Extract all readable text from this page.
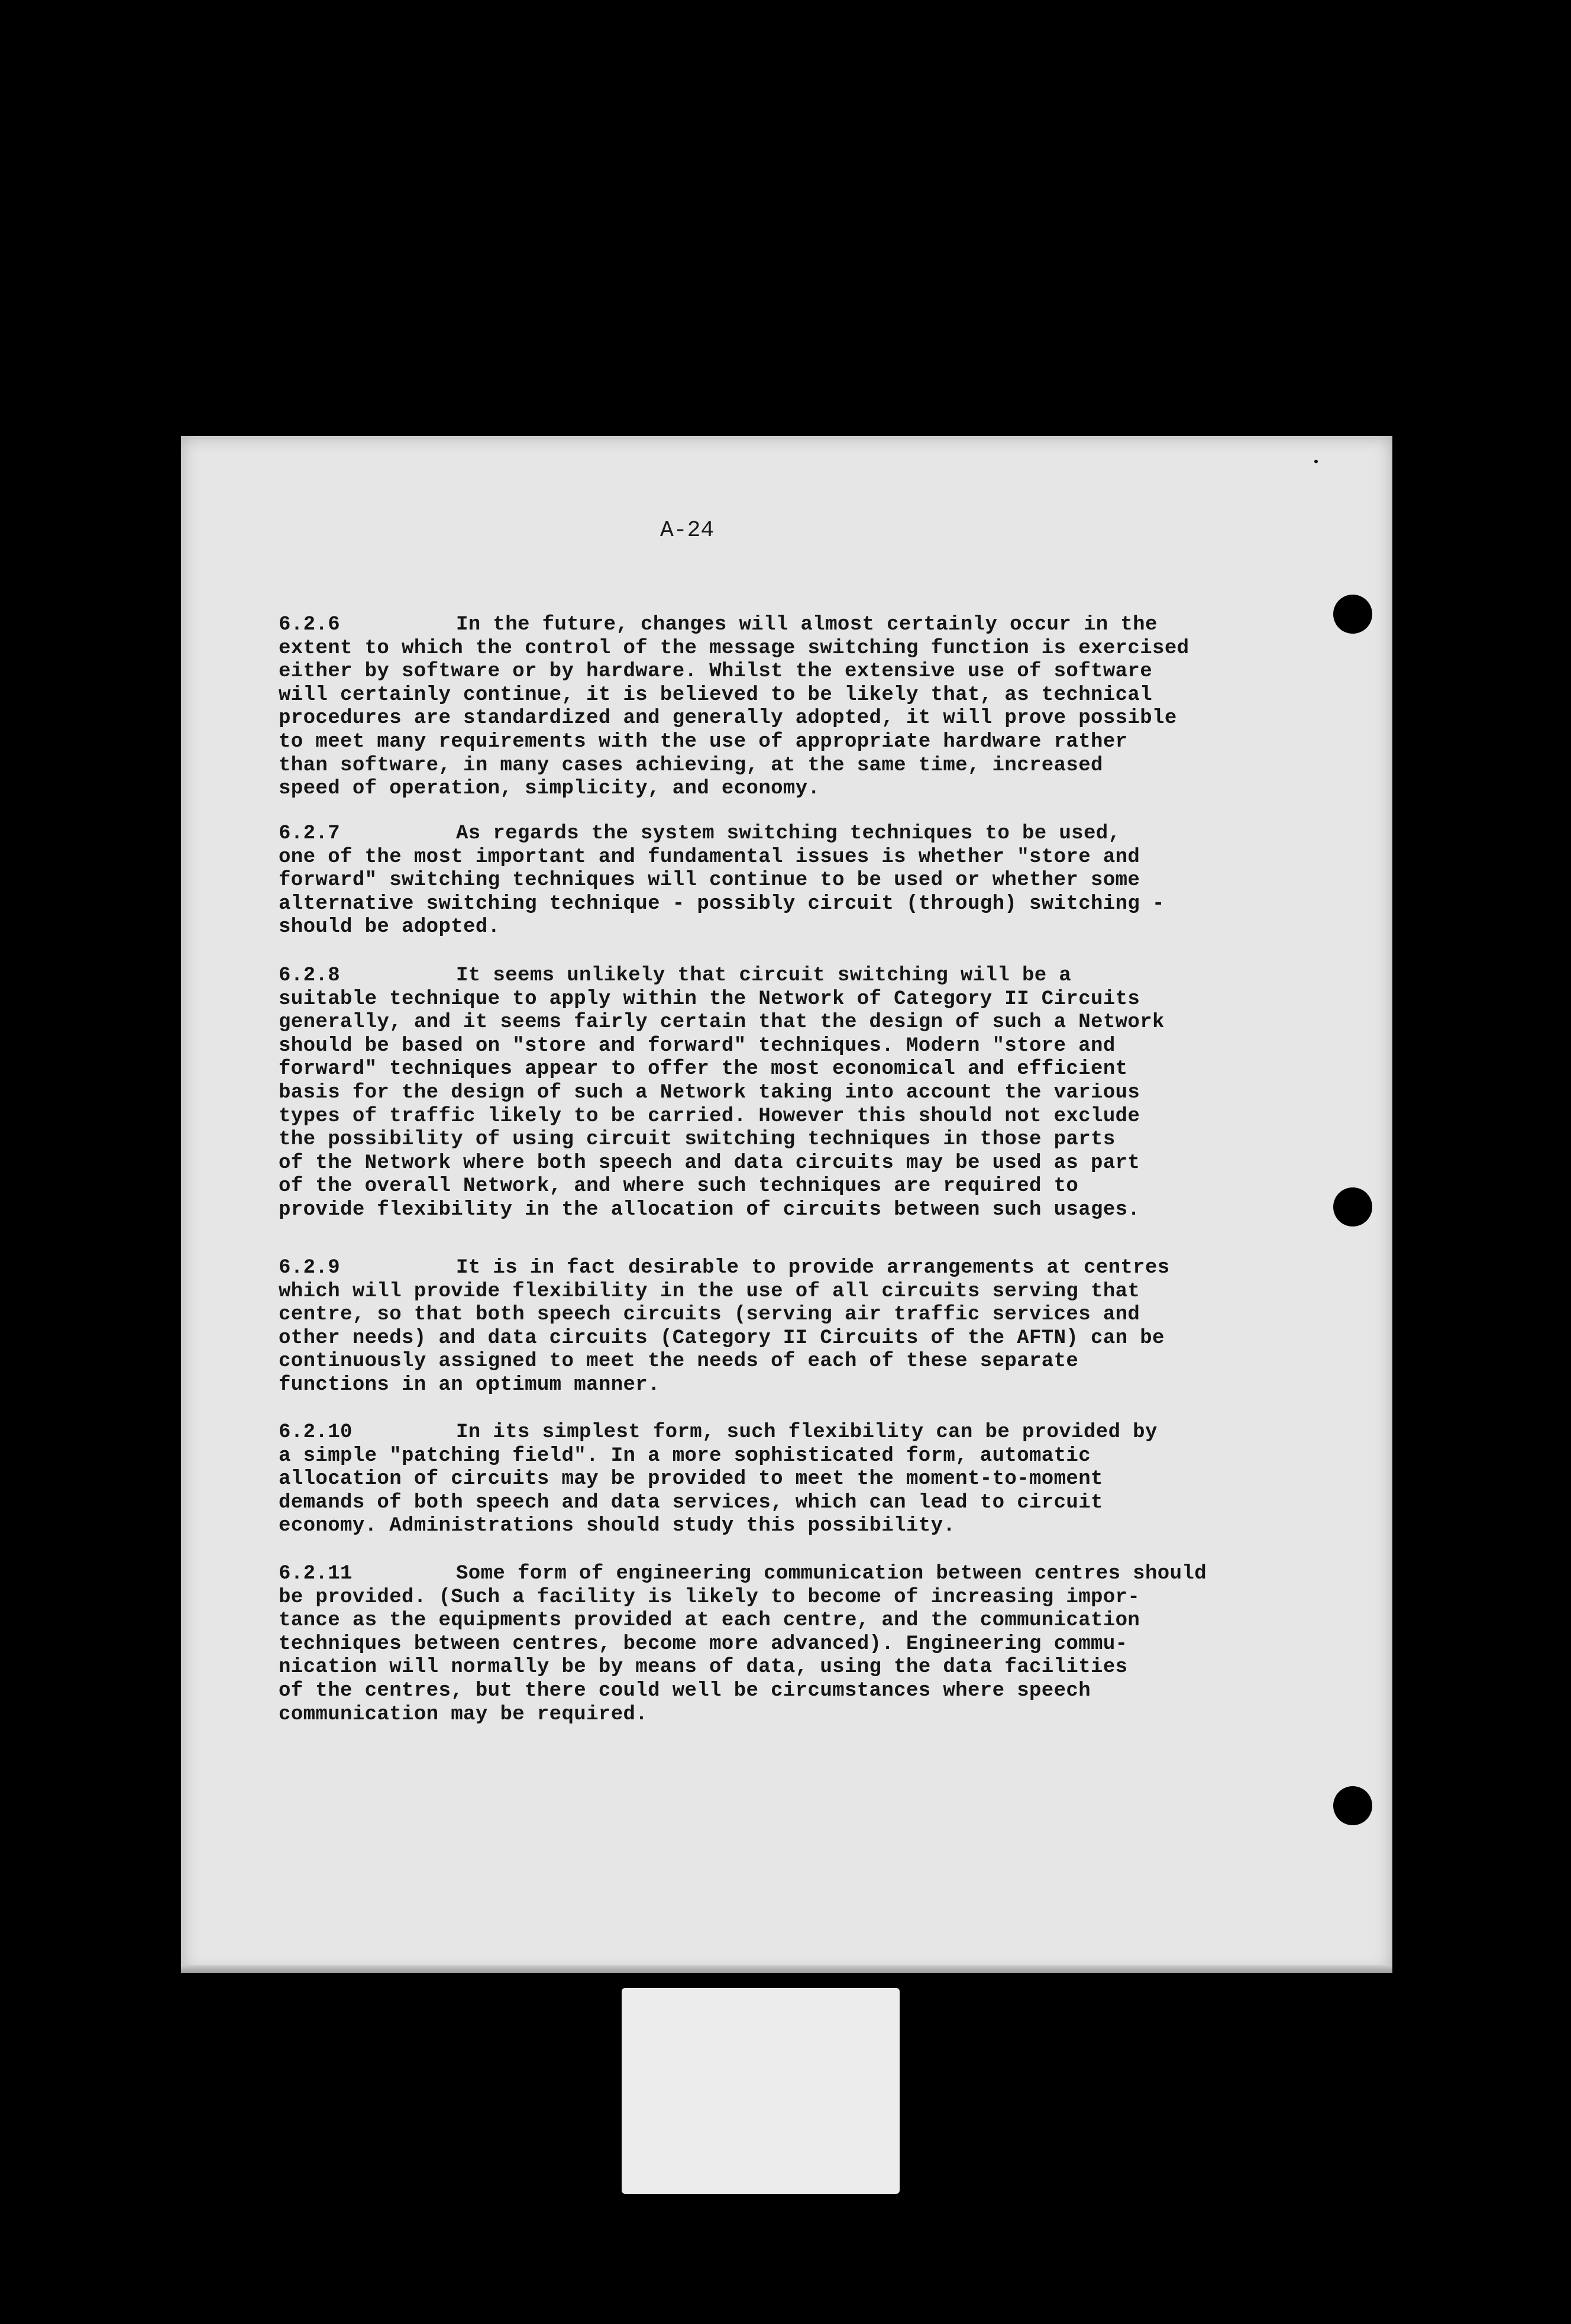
A-24
6.2.6	In the future, changes will almost certainly occur in the
extent to which the control of the message switching function is exercised
either by software or by hardware. Whilst the extensive use of software
will certainly continue, it is believed to be likely that, as technical
procedures are standardized and generally adopted, it will prove possible
to meet many requirements with the use of appropriate hardware rather
than software, in many cases achieving, at the same time, increased
speed of operation, simplicity, and economy.
6.2.7	As regards the system switching techniques to be used,
one of the most important and fundamental issues is whether "store and
forward" switching techniques will continue to be used or whether some
alternative switching technique - possibly circuit (through) switching -
should be adopted.
6.2.8	It seems unlikely that circuit switching will be a
suitable technique to apply within the Network of Category II Circuits
generally, and it seems fairly certain that the design of such a Network
should be based on "store and forward" techniques. Modern "store and
forward" techniques appear to offer the most economical and efficient
basis for the design of such a Network taking into account the various
types of traffic likely to be carried. However this should not exclude
the possibility of using circuit switching techniques in those parts
of the Network where both speech and data circuits may be used as part
of the overall Network, and where such techniques are required to
provide flexibility in the allocation of circuits between such usages.
6.2.9	It is in fact desirable to provide arrangements at centres
which will provide flexibility in the use of all circuits serving that
centre, so that both speech circuits (serving air traffic services and
other needs) and data circuits (Category II Circuits of the AFTN) can be
continuously assigned to meet the needs of each of these separate
functions in an optimum manner.
6.2.10	In its simplest form, such flexibility can be provided by
a simple "patching field". In a more sophisticated form, automatic
allocation of circuits may be provided to meet the moment-to-moment
demands of both speech and data services, which can lead to circuit
economy. Administrations should study this possibility.
6.2.11	Some form of engineering communication between centres should
be provided. (Such a facility is likely to become of increasing impor-
tance as the equipments provided at each centre, and the communication
techniques between centres, become more advanced). Engineering commu-
nication will normally be by means of data, using the data facilities
of the centres, but there could well be circumstances where speech
communication may be required.
